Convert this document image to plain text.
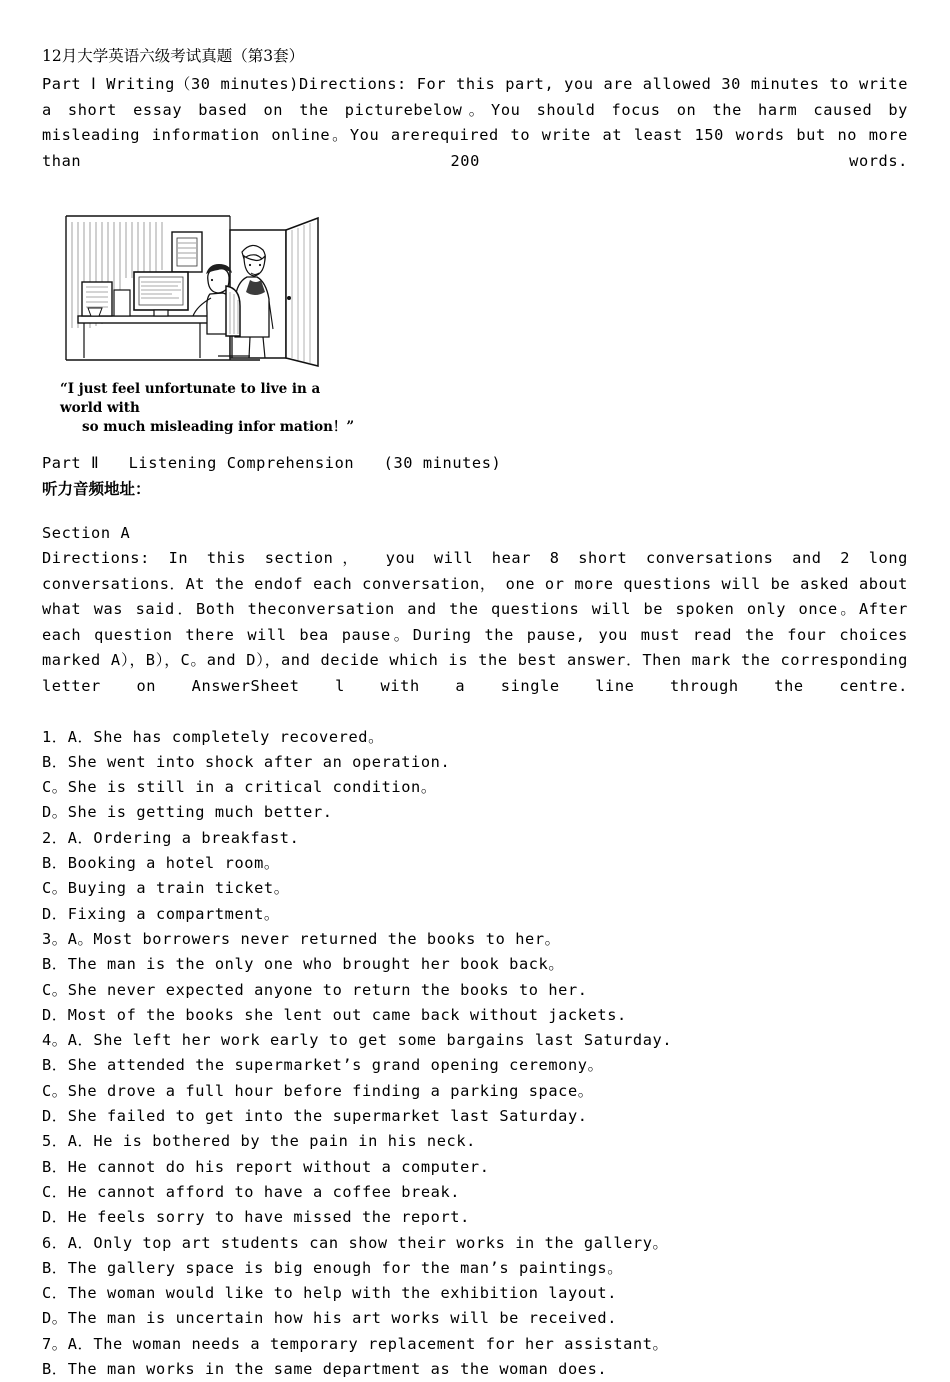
12月大学英语六级考试真题（第3套）
Part Ⅰ Writing（30 minutes)Directions: For this part, you are allowed 30 minutes to write a short essay based on the picturebelow。You should focus on the harm caused by misleading information online。You arerequired to write at least 150 words but no more than 200 words.
“I just feel unfortunate to live in a world with
so much misleading infor mation！”
Part Ⅱ   Listening Comprehension   (30 minutes)
听力音频地址：
Section A
Directions: In this section， you will hear 8 short conversations and 2 long conversations．At the endof each conversation， one or more questions will be asked about what was said．Both theconversation and the questions will be spoken only once。After each question there will bea pause。During the pause, you must read the four choices marked A），B），C。and D），and decide which is the best answer．Then mark the corresponding letter on AnswerSheet l with a single line through the centre.
1．A．She has completely recovered。
B．She went into shock after an operation.
C。She is still in a critical condition。
D。She is getting much better.
2．A．Ordering a breakfast.
B．Booking a hotel room。
C。Buying a train ticket。
D．Fixing a compartment。
3。A。Most borrowers never returned the books to her。
B．The man is the only one who brought her book back。
C。She never expected anyone to return the books to her.
D．Most of the books she lent out came back without jackets.
4。A．She left her work early to get some bargains last Saturday.
B．She attended the supermarket’s grand opening ceremony。
C。She drove a full hour before finding a parking space。
D．She failed to get into the supermarket last Saturday.
5．A．He is bothered by the pain in his neck.
B．He cannot do his report without a computer.
C．He cannot afford to have a coffee break.
D．He feels sorry to have missed the report.
6．A．Only top art students can show their works in the gallery。
B．The gallery space is big enough for the man’s paintings。
C．The woman would like to help with the exhibition layout.
D。The man is uncertain how his art works will be received.
7。A．The woman needs a temporary replacement for her assistant。
B．The man works in the same department as the woman does.
